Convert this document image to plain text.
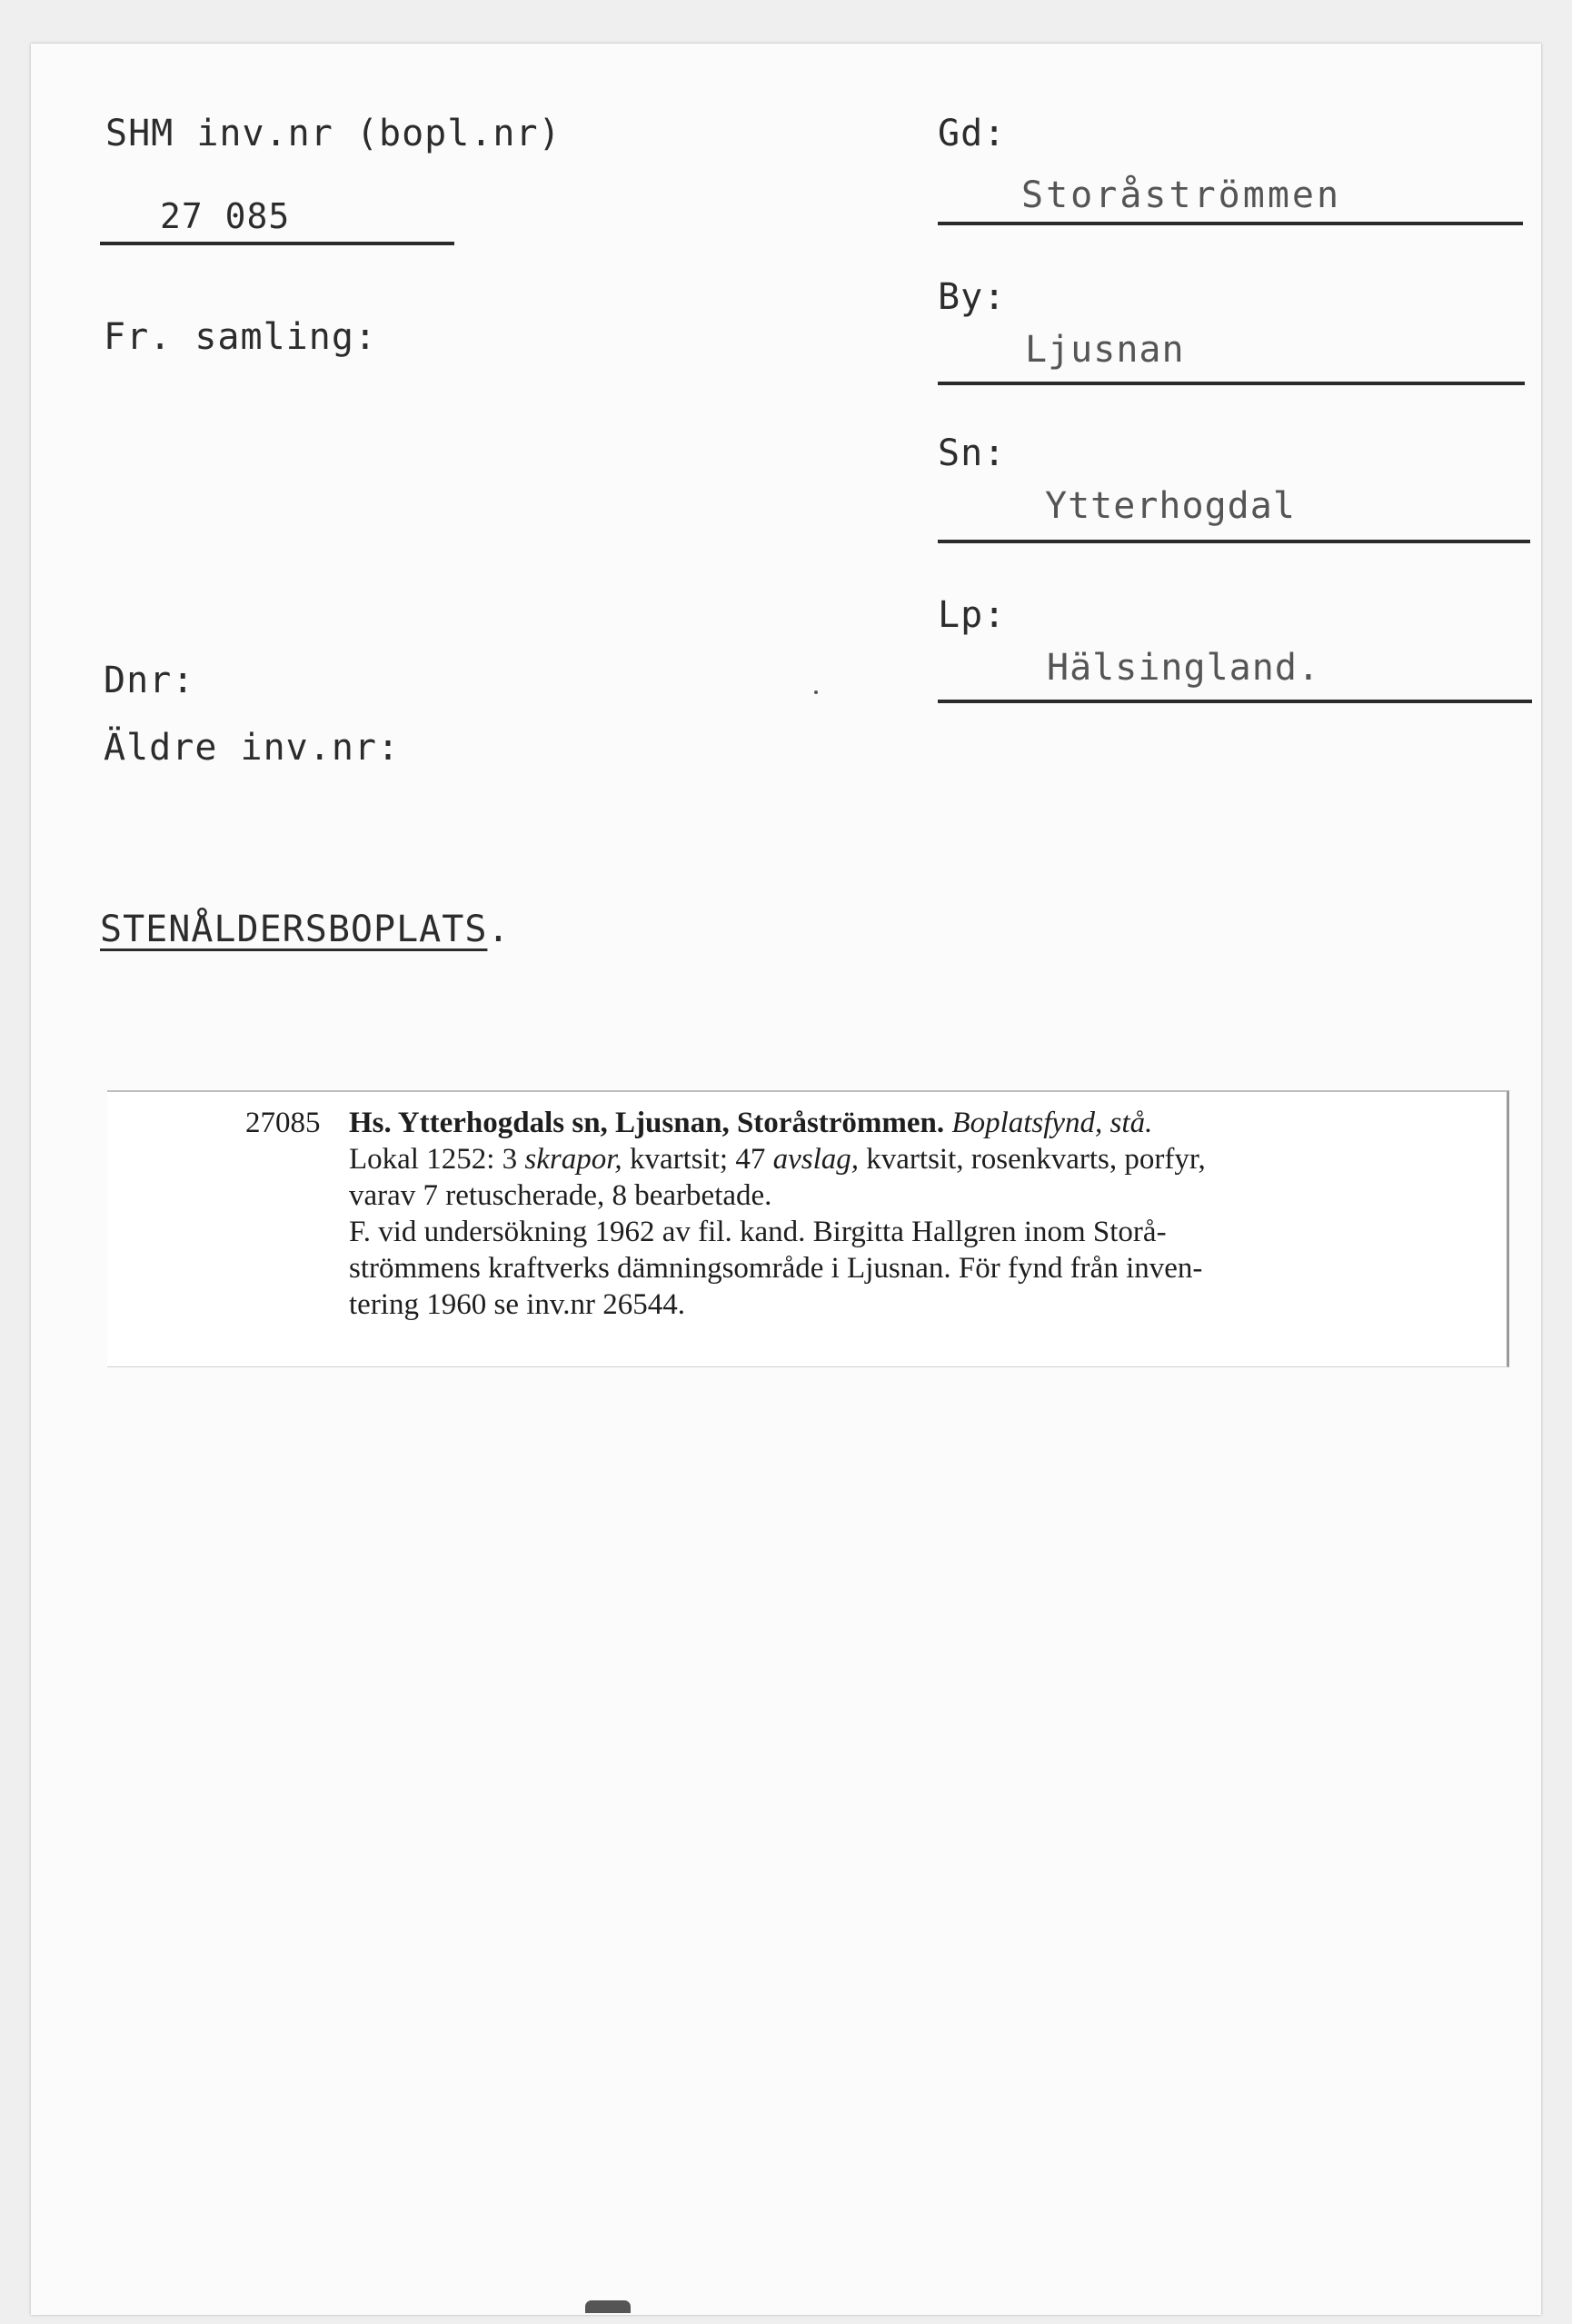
SHM inv.nr (bopl.nr)
27 085
Fr. samling:
Dnr:
Äldre inv.nr:
STENÅLDERSBOPLATS.
Gd:
Storåströmmen
By:
Ljusnan
Sn:
Ytterhogdal
Lp:
Hälsingland.
27085 Hs. Ytterhogdals sn, Ljusnan, Storåströmmen. Boplatsfynd, stå.
Lokal 1252: 3 skrapor, kvartsit; 47 avslag, kvartsit, rosenkvarts, porfyr,
varav 7 retuscherade, 8 bearbetade.
F. vid undersökning 1962 av fil. kand. Birgitta Hallgren inom Storå-
strömmens kraftverks dämningsområde i Ljusnan. För fynd från inven-
tering 1960 se inv.nr 26544.
